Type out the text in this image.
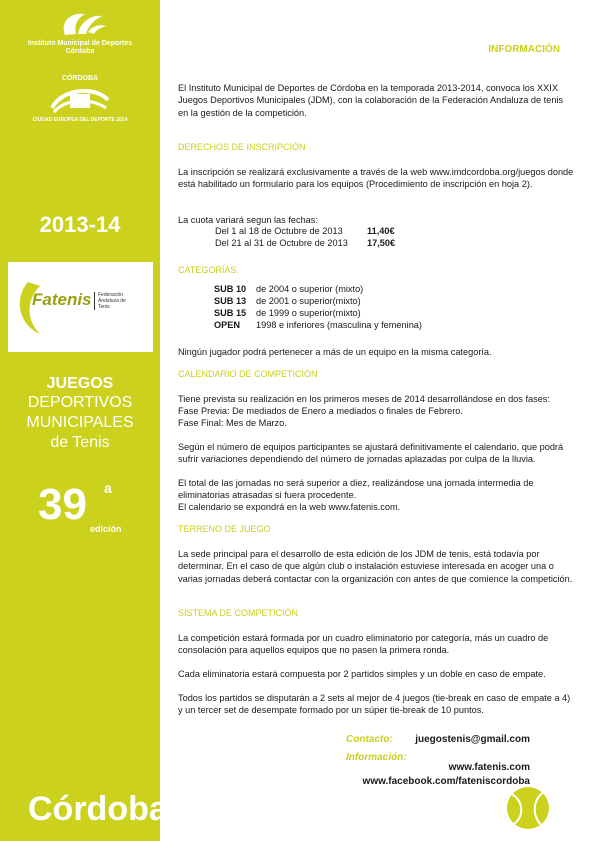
Instituto Municipal de Deportes
Córdoba
CÓRDOBA
CIUDAD EUROPEA DEL DEPORTE 2014
2013-14
Fatenis	Federación Andaluza de Tenis
JUEGOS
DEPORTIVOS
MUNICIPALES
de Tenis
39 a
edición
Córdoba
INFORMACIÓN
El Instituto Municipal de Deportes de Córdoba en la temporada 2013-2014, convoca los XXIX Juegos Deportivos Municipales (JDM), con la colaboración de la Federación Andaluza de tenis en la gestión de la competición.
DERECHOS DE INSCRIPCIÓN
La inscripción se realizará exclusivamente a través de la web www.imdcordoba.org/juegos donde está habilitado un formulario para los equipos (Procedimiento de inscripción en hoja 2).
La cuota variará segun las fechas:
Del 1 al 18 de Octubre de 2013	11,40€
Del 21 al 31 de Octubre de 2013 17,50€
CATEGORÍAS.
SUB 10 de 2004 o superior (mixto)
SUB 13 de 2001 o superior(mixto)
SUB 15 de 1999 o superior(mixto)
OPEN 1998 e inferiores (masculina y femenina)
Ningún jugador podrá pertenecer a más de un equipo en la misma categoría.
CALENDARIO DE COMPETICIÓN
Tiene prevista su realización en los primeros meses de 2014 desarrollándose en dos fases:
Fase Previa: De mediados de Enero a mediados o finales de Febrero.
Fase Final: Mes de Marzo.
Según el número de equipos participantes se ajustará definitivamente el calendario, que podrá sufrir variaciones dependiendo del número de jornadas aplazadas por culpa de la lluvia.
El total de las jornadas no será superior a diez, realizándose una jornada intermedia de eliminatorias atrasadas si fuera procedente.
El calendario se expondrá en la web www.fatenis.com.
TERRENO DE JUEGO
La sede principal para el desarrollo de esta edición de los JDM de tenis, está todavía por determinar. En el caso de que algún club o instalación estuviese interesada en acoger una o varias jornadas deberá contactar con la organización con antes de que comience la competición.
SISTEMA DE COMPETICIÓN
La competición estará formada por un cuadro eliminatorio por categoría, más un cuadro de consolación para aquellos equipos que no pasen la primera ronda.
Cada eliminatoria estará compuesta por 2 partidos simples y un doble en caso de empate.
Todos los partidos se disputarán a 2 sets al mejor de 4 juegos (tie-break en caso de empate a 4) y un tercer set de desempate formado por un súper tie-break de 10 puntos.
Contacto:	juegostenis@gmail.com
Información:
www.fatenis.com
www.facebook.com/fateniscordoba
